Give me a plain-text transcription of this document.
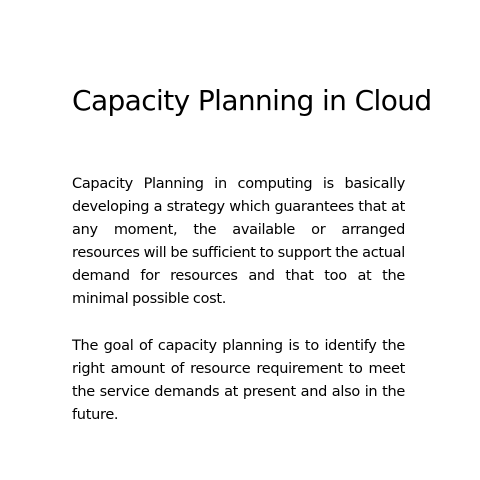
Capacity Planning in Cloud

Capacity Planning in computing is basically developing a strategy which guarantees that at any moment, the available or arranged resources will be sufficient to support the actual demand for resources and that too at the minimal possible cost.

The goal of capacity planning is to identify the right amount of resource requirement to meet the service demands at present and also in the future.
